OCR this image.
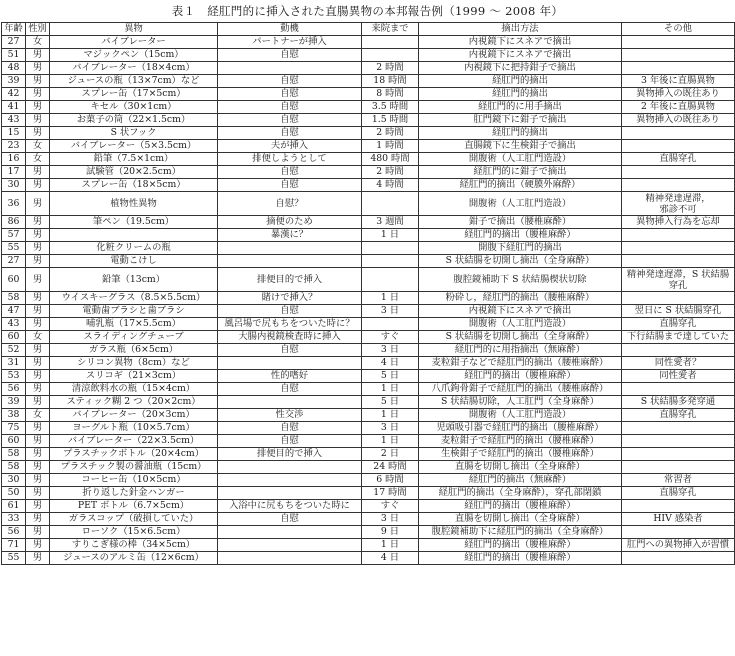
表１　経肛門的に挿入された直腸異物の本邦報告例（1999 ～ 2008 年）
年齢	性別	異物	動機	来院まで	摘出方法	その他
27	女	バイブレーター	パートナーが挿入		内視鏡下にスネアで摘出	
51	男	マジックペン（15cm）	自慰		内視鏡下にスネアで摘出	
48	男	バイブレーター（18×4cm）		2 時間	内視鏡下に把持鉗子で摘出	
39	男	ジュースの瓶（13×7cm）など	自慰	18 時間	経肛門的摘出	3 年後に直腸異物
42	男	スプレー缶（17×5cm）	自慰	8 時間	経肛門的摘出	異物挿入の既往あり
41	男	キセル（30×1cm）	自慰	3.5 時間	経肛門的に用手摘出	2 年後に直腸異物
43	男	お菓子の筒（22×1.5cm）	自慰	1.5 時間	肛門鏡下に鉗子で摘出	異物挿入の既往あり
15	男	S 状フック	自慰	2 時間	経肛門的摘出	
23	女	バイブレーター（5×3.5cm）	夫が挿入	1 時間	直腸鏡下に生検鉗子で摘出	
16	女	鉛筆（7.5×1cm）	排便しようとして	480 時間	開腹術（人工肛門造設）	直腸穿孔
17	男	試験管（20×2.5cm）	自慰	2 時間	経肛門的に鉗子で摘出	
30	男	スプレー缶（18×5cm）	自慰	4 時間	経肛門的摘出（硬膜外麻酔）	
36	男	植物性異物	自慰？		開腹術（人工肛門造設）	精神発達遅滞，
邪診不可

86	男	筆ペン（19.5cm）	摘便のため	3 週間	鉗子で摘出（腰椎麻酔）	異物挿入行為を忘却
57	男		暴漢に？	1 日	経肛門的摘出（腰椎麻酔）	
55	男	化粧クリームの瓶			開腹下経肛門的摘出	
27	男	電動こけし			S 状結腸を切開し摘出（全身麻酔）	
60	男	鉛筆（13cm）	排便目的で挿入		腹腔鏡補助下 S 状結腸楔状切除	精神発達遅滞，S 状結腸
穿孔

58	男	ウイスキーグラス（8.5×5.5cm）	賭けで挿入？	1 日	粉砕し，経肛門的摘出（腰椎麻酔）	
47	男	電動歯ブラシと歯ブラシ	自慰	3 日	内視鏡下にスネアで摘出	翌日に S 状結腸穿孔
43	男	哺乳瓶（17×5.5cm）	風呂場で尻もちをついた時に？		開腹術（人工肛門造設）	直腸穿孔
60	女	スライディングチューブ	大腸内視鏡検査時に挿入	すぐ	S 状結腸を切開し摘出（全身麻酔）	下行結腸まで達していた
52	男	ガラス瓶（6×5cm）	自慰	3 日	経肛門的に用指摘出（無麻酔）	
31	男	シリコン異物（8cm）など		4 日	麦粒鉗子などで経肛門的摘出（腰椎麻酔）	同性愛者？
53	男	スリコギ（21×3cm）	性的嗜好	5 日	経肛門的摘出（腰椎麻酔）	同性愛者
56	男	清涼飲料水の瓶（15×4cm）	自慰	1 日	八爪鉤骨鉗子で経肛門的摘出（腰椎麻酔）	
39	男	スティック糊 2 つ（20×2cm）		5 日	S 状結腸切除，人工肛門（全身麻酔）	S 状結腸多発穿通
38	女	バイブレーター（20×3cm）	性交渉	1 日	開腹術（人工肛門造設）	直腸穿孔
75	男	ヨーグルト瓶（10×5.7cm）	自慰	3 日	児頭吸引器で経肛門的摘出（腰椎麻酔）	
60	男	バイブレーター（22×3.5cm）	自慰	1 日	麦粒鉗子で経肛門的摘出（腰椎麻酔）	
58	男	プラスチックボトル（20×4cm）	排便目的で挿入	2 日	生検鉗子で経肛門的摘出（腰椎麻酔）	
58	男	プラスチック製の醤油瓶（15cm）		24 時間	直腸を切開し摘出（全身麻酔）	
30	男	コーヒー缶（10×5cm）		6 時間	経肛門的摘出（無麻酔）	常習者
50	男	折り返した針金ハンガー		17 時間	経肛門的摘出（全身麻酔），穿孔部閉鎖	直腸穿孔
61	男	PET ボトル（6.7×5cm）	入浴中に尻もちをついた時に	すぐ	経肛門的摘出（腰椎麻酔）	
33	男	ガラスコップ（破損していた）	自慰	3 日	直腸を切開し摘出（全身麻酔）	HIV 感染者
56	男	ローソク（15×6.5cm）		9 日	腹腔鏡補助下に経肛門的摘出（全身麻酔）	
71	男	すりこぎ様の棒（34×5cm）		1 日	経肛門的摘出（腰椎麻酔）	肛門への異物挿入が習慣
55	男	ジュースのアルミ缶（12×6cm）		4 日	経肛門的摘出（腰椎麻酔）	
